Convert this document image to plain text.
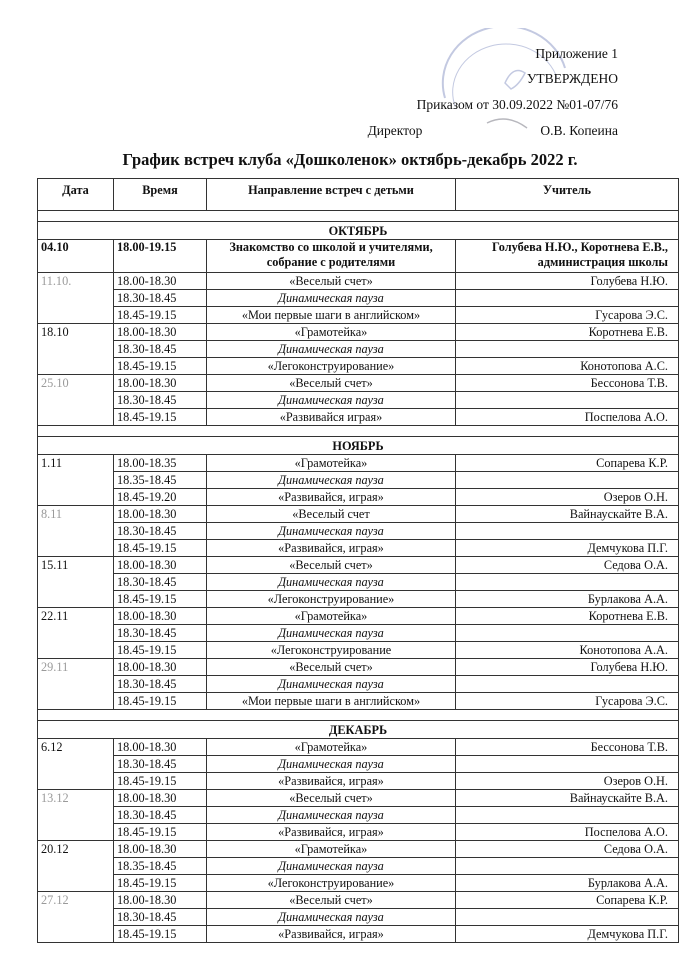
Приложение 1
УТВЕРЖДЕНО
Приказом от 30.09.2022 №01-07/76
Директор	О.В. Копеина
График встреч клуба «Дошколенок» октябрь-декабрь 2022 г.
Дата	Время	Направление встреч с детьми	Учитель

ОКТЯБРЬ			
04.10	18.00-19.15	Знакомство со школой и учителями, собрание с родителями	Голубева Н.Ю., Коротнева Е.В., администрация школы
11.10.	18.00-18.30	«Веселый счет»	Голубева Н.Ю.
	18.30-18.45	Динамическая пауза	
	18.45-19.15	«Мои первые шаги в английском»	Гусарова Э.С.
18.10	18.00-18.30	«Грамотейка»	Коротнева Е.В.
	18.30-18.45	Динамическая пауза	
	18.45-19.15	«Легоконструирование»	Конотопова А.С.
25.10	18.00-18.30	«Веселый счет»	Бессонова Т.В.
	18.30-18.45	Динамическая пауза	
	18.45-19.15	«Развивайся играя»	Поспелова А.О.

НОЯБРЬ			
1.11	18.00-18.35	«Грамотейка»	Сопарева К.Р.
	18.35-18.45	Динамическая пауза	
	18.45-19.20	«Развивайся, играя»	Озеров О.Н.
8.11	18.00-18.30	«Веселый счет	Вайнаускайте В.А.
	18.30-18.45	Динамическая пауза	
	18.45-19.15	«Развивайся, играя»	Демчукова П.Г.
15.11	18.00-18.30	«Веселый счет»	Седова О.А.
	18.30-18.45	Динамическая пауза	
	18.45-19.15	«Легоконструирование»	Бурлакова А.А.
22.11	18.00-18.30	«Грамотейка»	Коротнева Е.В.
	18.30-18.45	Динамическая пауза	
	18.45-19.15	«Легоконструирование	Конотопова А.А.
29.11	18.00-18.30	«Веселый счет»	Голубева Н.Ю.
	18.30-18.45	Динамическая пауза	
	18.45-19.15	«Мои первые шаги в английском»	Гусарова Э.С.

ДЕКАБРЬ			
6.12	18.00-18.30	«Грамотейка»	Бессонова Т.В.
	18.30-18.45	Динамическая пауза	
	18.45-19.15	«Развивайся, играя»	Озеров О.Н.
13.12	18.00-18.30	«Веселый счет»	Вайнаускайте В.А.
	18.30-18.45	Динамическая пауза	
	18.45-19.15	«Развивайся, играя»	Поспелова А.О.
20.12	18.00-18.30	«Грамотейка»	Седова О.А.
	18.35-18.45	Динамическая пауза	
	18.45-19.15	«Легоконструирование»	Бурлакова А.А.
27.12	18.00-18.30	«Веселый счет»	Сопарева К.Р.
	18.30-18.45	Динамическая пауза	
	18.45-19.15	«Развивайся, играя»	Демчукова П.Г.
